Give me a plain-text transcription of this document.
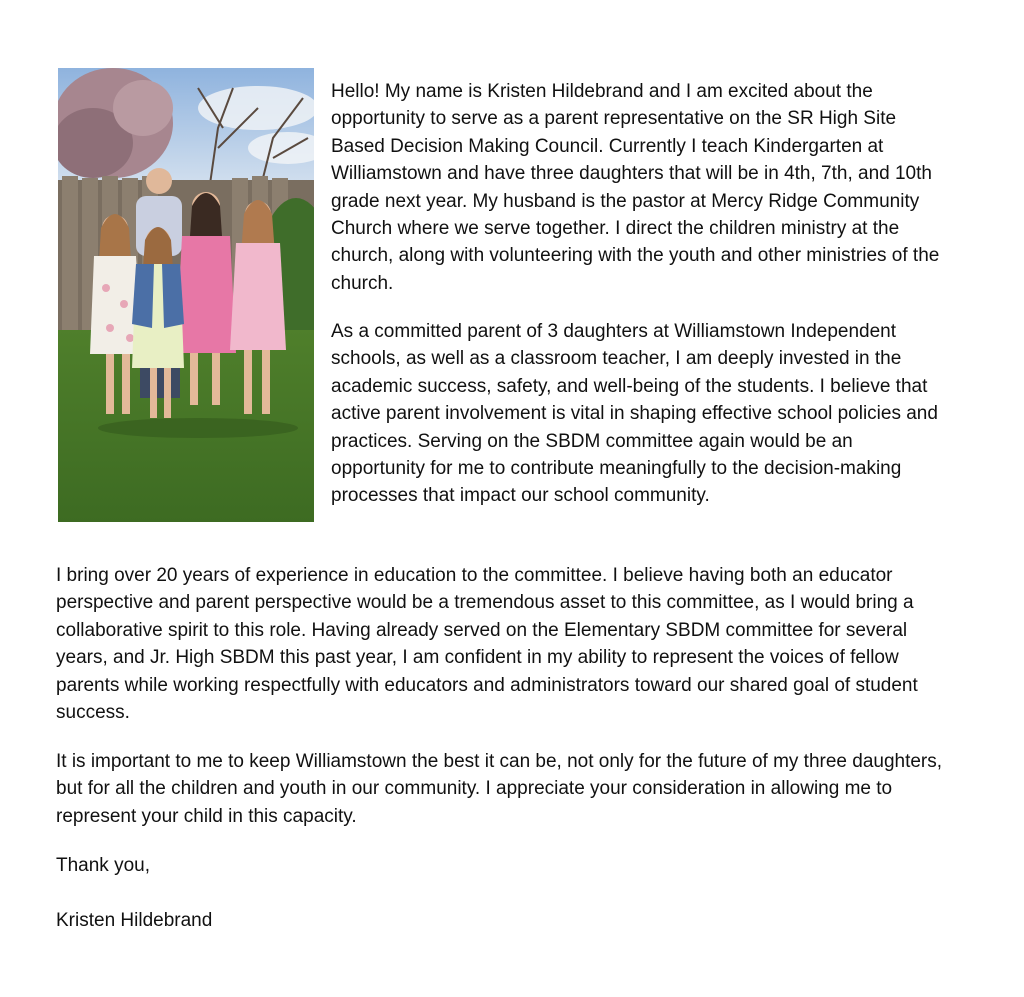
Hello! My name is Kristen Hildebrand and I am excited about the opportunity to serve as a parent representative on the SR High Site Based Decision Making Council. Currently I teach Kindergarten at Williamstown and have three daughters that will be in 4th, 7th, and 10th grade next year. My husband is the pastor at Mercy Ridge Community Church where we serve together. I direct the children ministry at the church, along with volunteering with the youth and other ministries of the church.

As a committed parent of 3 daughters at Williamstown Independent schools, as well as a classroom teacher, I am deeply invested in the academic success, safety, and well-being of the students. I believe that active parent involvement is vital in shaping effective school policies and practices. Serving on the SBDM committee again would be an opportunity for me to contribute meaningfully to the decision-making processes that impact our school community.

I bring over 20 years of experience in education to the committee. I believe having both an educator perspective and parent perspective would be a tremendous asset to this committee, as I would bring a collaborative spirit to this role. Having already served on the Elementary SBDM committee for several years, and Jr. High SBDM this past year, I am confident in my ability to represent the voices of fellow parents while working respectfully with educators and administrators toward our shared goal of student success.

It is important to me to keep Williamstown the best it can be, not only for the future of my three daughters, but for all the children and youth in our community. I appreciate your consideration in allowing me to represent your child in this capacity.

Thank you,

Kristen Hildebrand
